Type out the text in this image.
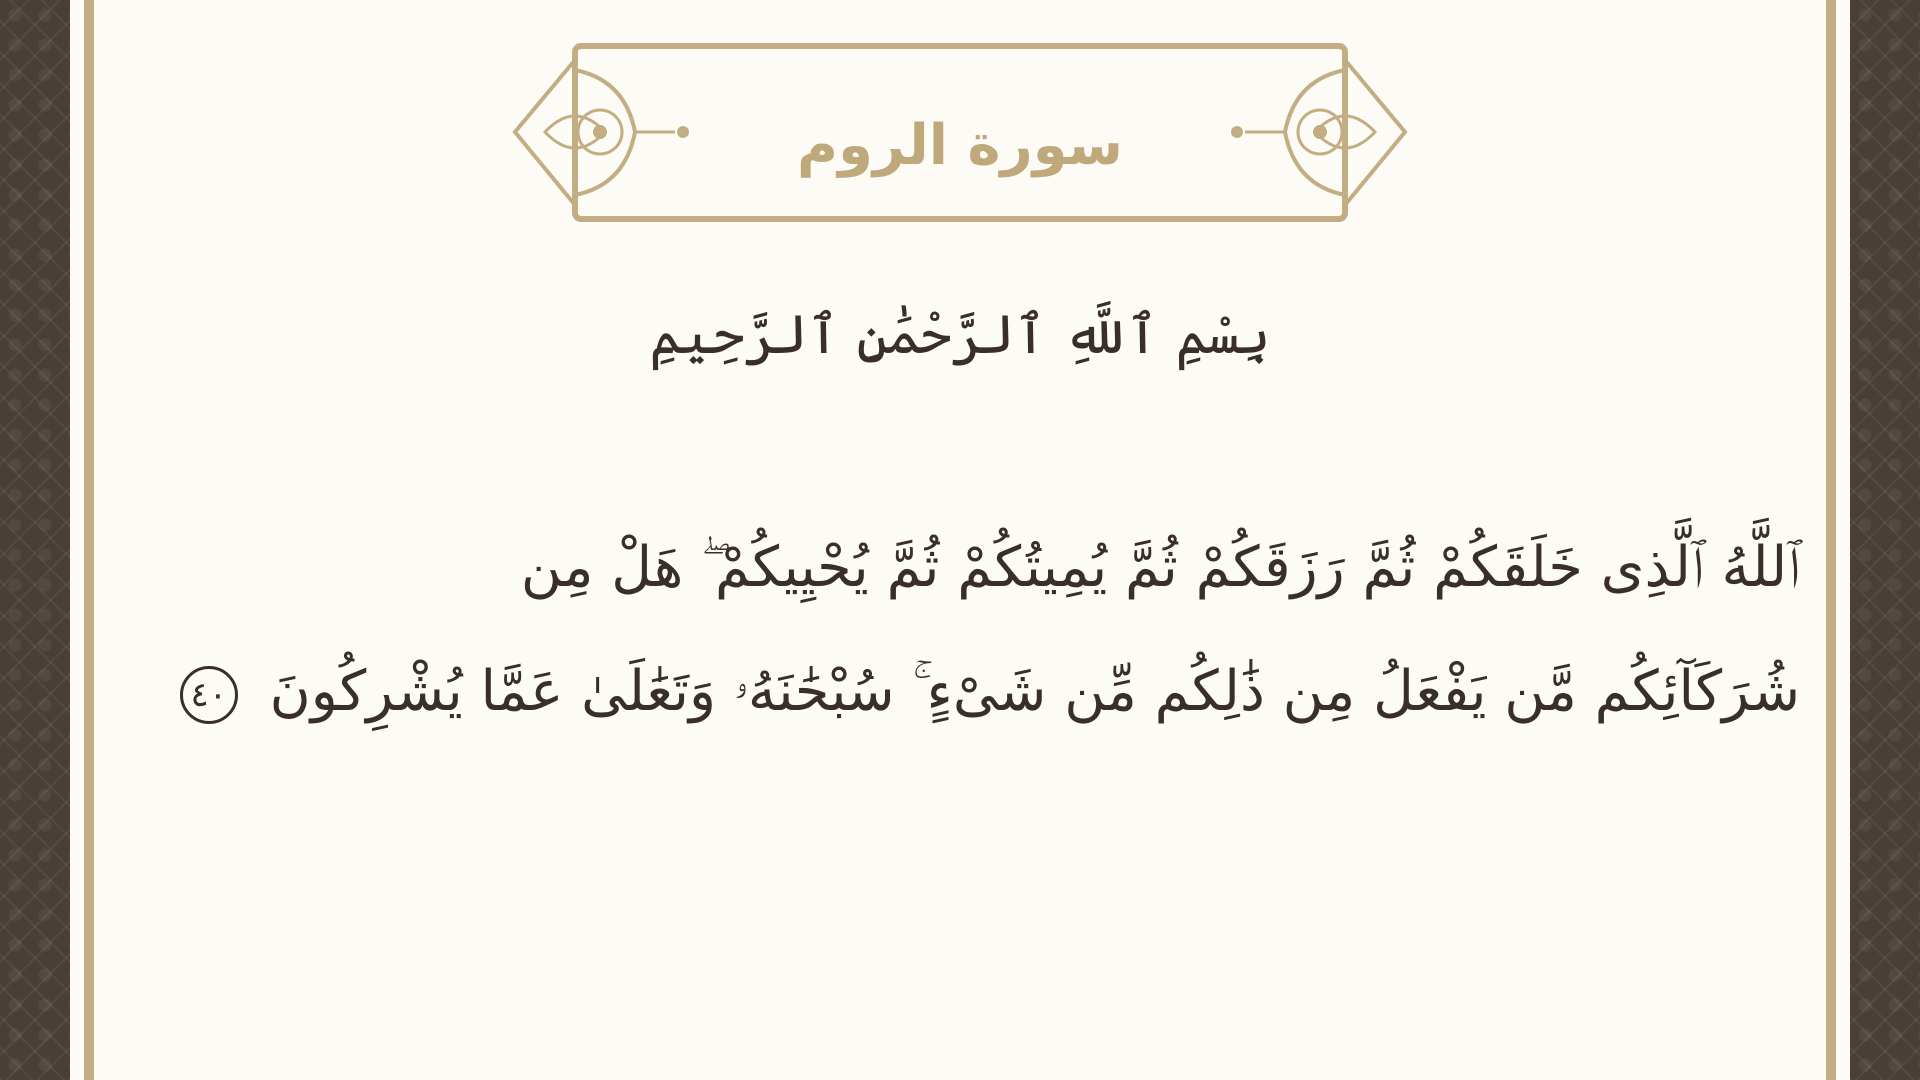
سورة الروم
بِسْمِ ٱللَّهِ ٱلرَّحْمَٰنِ ٱلرَّحِيمِ
ٱللَّهُ ٱلَّذِى خَلَقَكُمْ ثُمَّ رَزَقَكُمْ ثُمَّ يُمِيتُكُمْ ثُمَّ يُحْيِيكُمْ ۖ هَلْ مِن
شُرَكَآئِكُم مَّن يَفْعَلُ مِن ذَٰلِكُم مِّن شَىْءٍ ۚ سُبْحَٰنَهُۥ وَتَعَٰلَىٰ عَمَّا يُشْرِكُونَ ٤٠
